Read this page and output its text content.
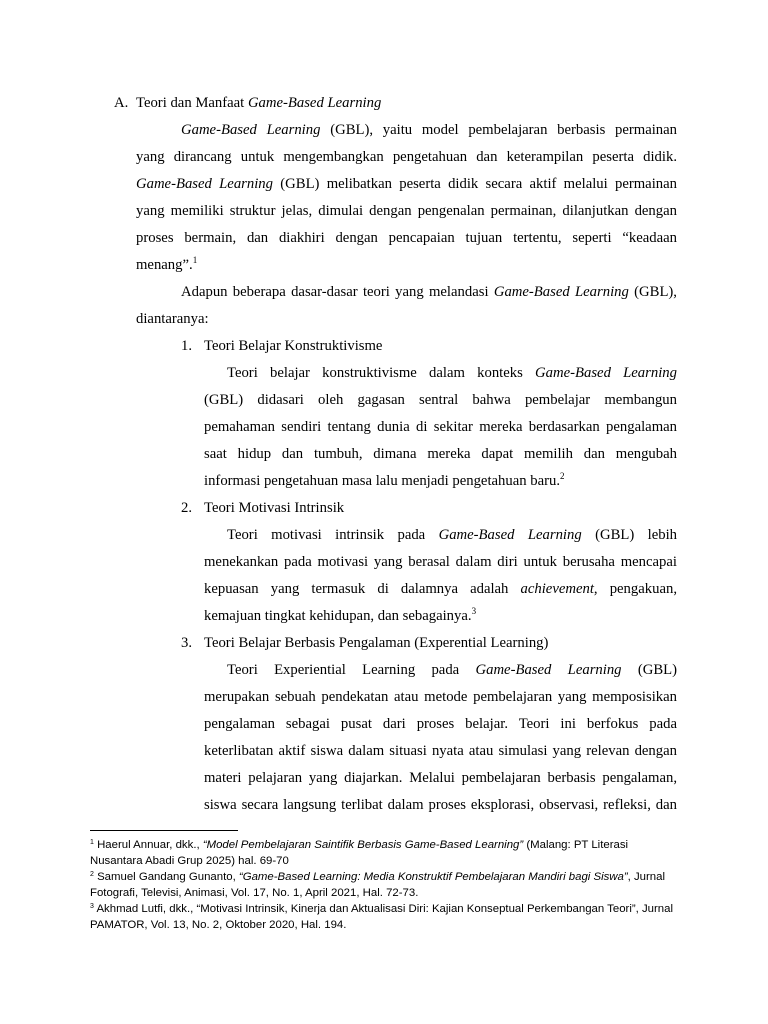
A. Teori dan Manfaat Game-Based Learning
Game-Based Learning (GBL), yaitu model pembelajaran berbasis permainan
yang dirancang untuk mengembangkan pengetahuan dan keterampilan peserta didik.
Game-Based Learning (GBL) melibatkan peserta didik secara aktif melalui permainan
yang memiliki struktur jelas, dimulai dengan pengenalan permainan, dilanjutkan dengan
proses bermain, dan diakhiri dengan pencapaian tujuan tertentu, seperti “keadaan
menang”.$^1$
Adapun beberapa dasar-dasar teori yang melandasi Game-Based Learning (GBL),
diantaranya:
1. Teori Belajar Konstruktivisme
Teori belajar konstruktivisme dalam konteks Game-Based Learning
(GBL) didasari oleh gagasan sentral bahwa pembelajar membangun
pemahaman sendiri tentang dunia di sekitar mereka berdasarkan pengalaman
saat hidup dan tumbuh, dimana mereka dapat memilih dan mengubah
informasi pengetahuan masa lalu menjadi pengetahuan baru.$^2$
2. Teori Motivasi Intrinsik
Teori motivasi intrinsik pada Game-Based Learning (GBL) lebih
menekankan pada motivasi yang berasal dalam diri untuk berusaha mencapai
kepuasan yang termasuk di dalamnya adalah achievement, pengakuan,
kemajuan tingkat kehidupan, dan sebagainya.$^3$
3. Teori Belajar Berbasis Pengalaman (Experential Learning)
Teori Experiential Learning pada Game-Based Learning (GBL)
merupakan sebuah pendekatan atau metode pembelajaran yang memposisikan
pengalaman sebagai pusat dari proses belajar. Teori ini berfokus pada
keterlibatan aktif siswa dalam situasi nyata atau simulasi yang relevan dengan
materi pelajaran yang diajarkan. Melalui pembelajaran berbasis pengalaman,
siswa secara langsung terlibat dalam proses eksplorasi, observasi, refleksi, dan
$^1$ Haerul Annuar, dkk., “Model Pembelajaran Saintifik Berbasis Game-Based Learning” (Malang: PT Literasi
Nusantara Abadi Grup 2025) hal. 69-70
$^2$ Samuel Gandang Gunanto, “Game-Based Learning: Media Konstruktif Pembelajaran Mandiri bagi Siswa”, Jurnal
Fotografi, Televisi, Animasi, Vol. 17, No. 1, April 2021, Hal. 72-73.
$^3$ Akhmad Lutfi, dkk., “Motivasi Intrinsik, Kinerja dan Aktualisasi Diri: Kajian Konseptual Perkembangan Teori”, Jurnal
PAMATOR, Vol. 13, No. 2, Oktober 2020, Hal. 194.
